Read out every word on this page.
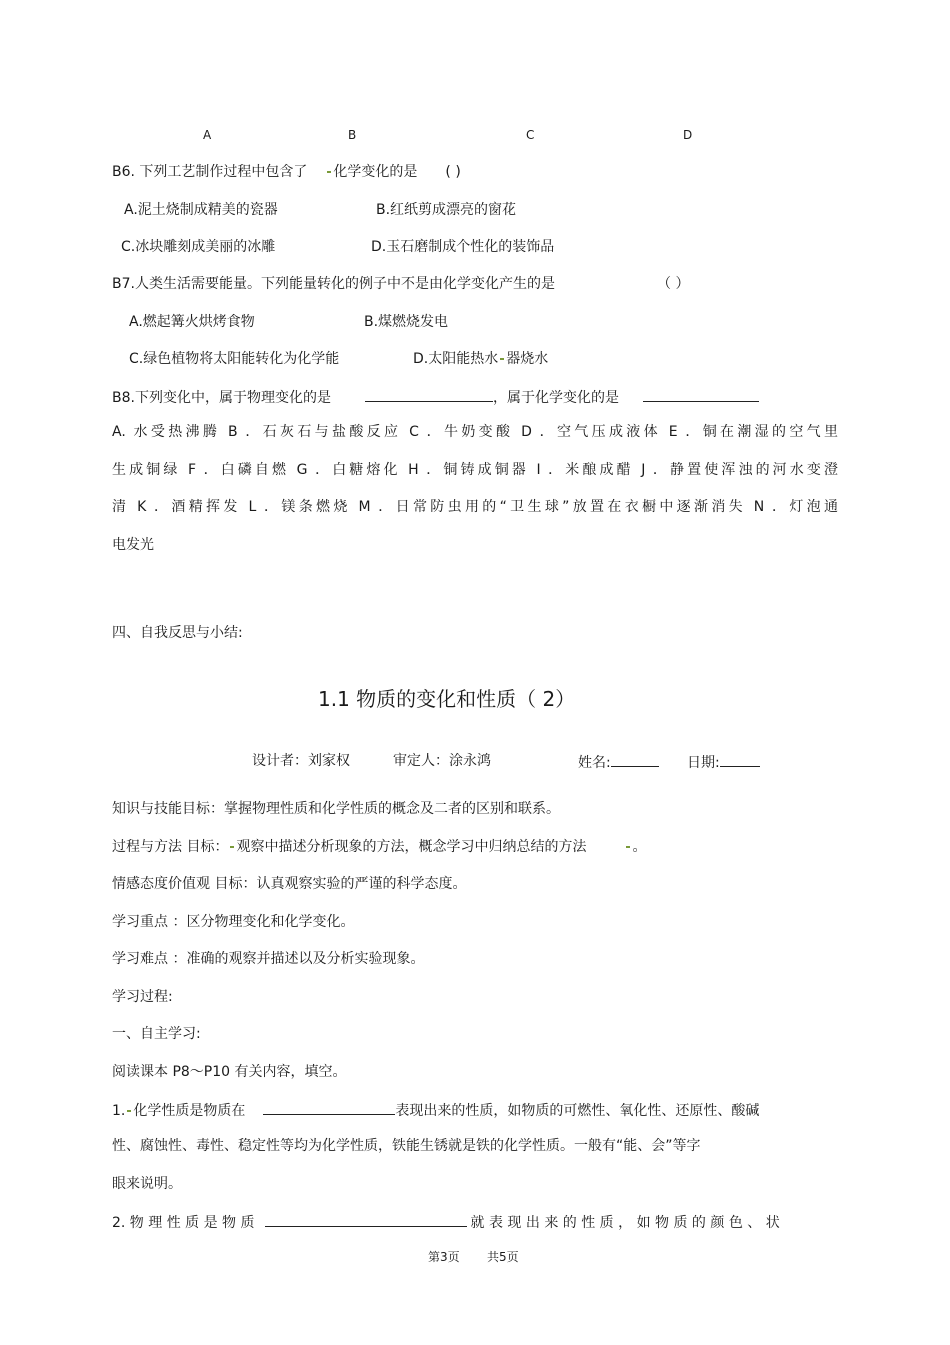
A	B	C	D
B6. 下列工艺制作过程中包含了 化学变化的是 ( )
A.泥土烧制成精美的瓷器	B.红纸剪成漂亮的窗花
C.冰块雕刻成美丽的冰雕	D.玉石磨制成个性化的装饰品
B7.人类生活需要能量。下列能量转化的例子中不是由化学变化产生的是	（ ）
A.燃起篝火烘烤食物	B.煤燃烧发电
C.绿色植物将太阳能转化为化学能	D.太阳能热水 器烧水
B8.下列变化中，属于物理变化的是	，属于化学变化的是
A. 水受热沸腾 B ．石灰石与盐酸反应 C ．牛奶变酸 D ．空气压成液体 E ．铜在潮湿的空气里
生成铜绿 F ．白磷自燃 G ．白糖熔化 H ．铜铸成铜器 I ．米酿成醋 J ．静置使浑浊的河水变澄
清 K ．酒精挥发 L ．镁条燃烧 M ．日常防虫用的“卫生球”放置在衣橱中逐渐消失 N ．灯泡通
电发光
四、自我反思与小结:
1.1 物质的变化和性质（ 2）
设计者：刘家权	审定人：涂永鸿	姓名:	日期:
知识与技能目标：掌握物理性质和化学性质的概念及二者的区别和联系。
过程与方法 目标： 观察中描述分析现象的方法，概念学习中归纳总结的方法	。
情感态度价值观 目标：认真观察实验的严谨的科学态度。
学习重点 ：区分物理变化和化学变化。
学习难点 ：准确的观察并描述以及分析实验现象。
学习过程:
一、自主学习:
阅读课本 P8～P10 有关内容，填空。
1. 化学性质是物质在	表现出来的性质，如物质的可燃性、氧化性、还原性、酸碱
性、腐蚀性、毒性、稳定性等均为化学性质，铁能生锈就是铁的化学性质。一般有“能、会”等字
眼来说明。
2. 物 理 性 质 是 物 质	就 表 现 出 来 的 性 质 ， 如 物 质 的 颜 色 、 状
第3页 共5页
